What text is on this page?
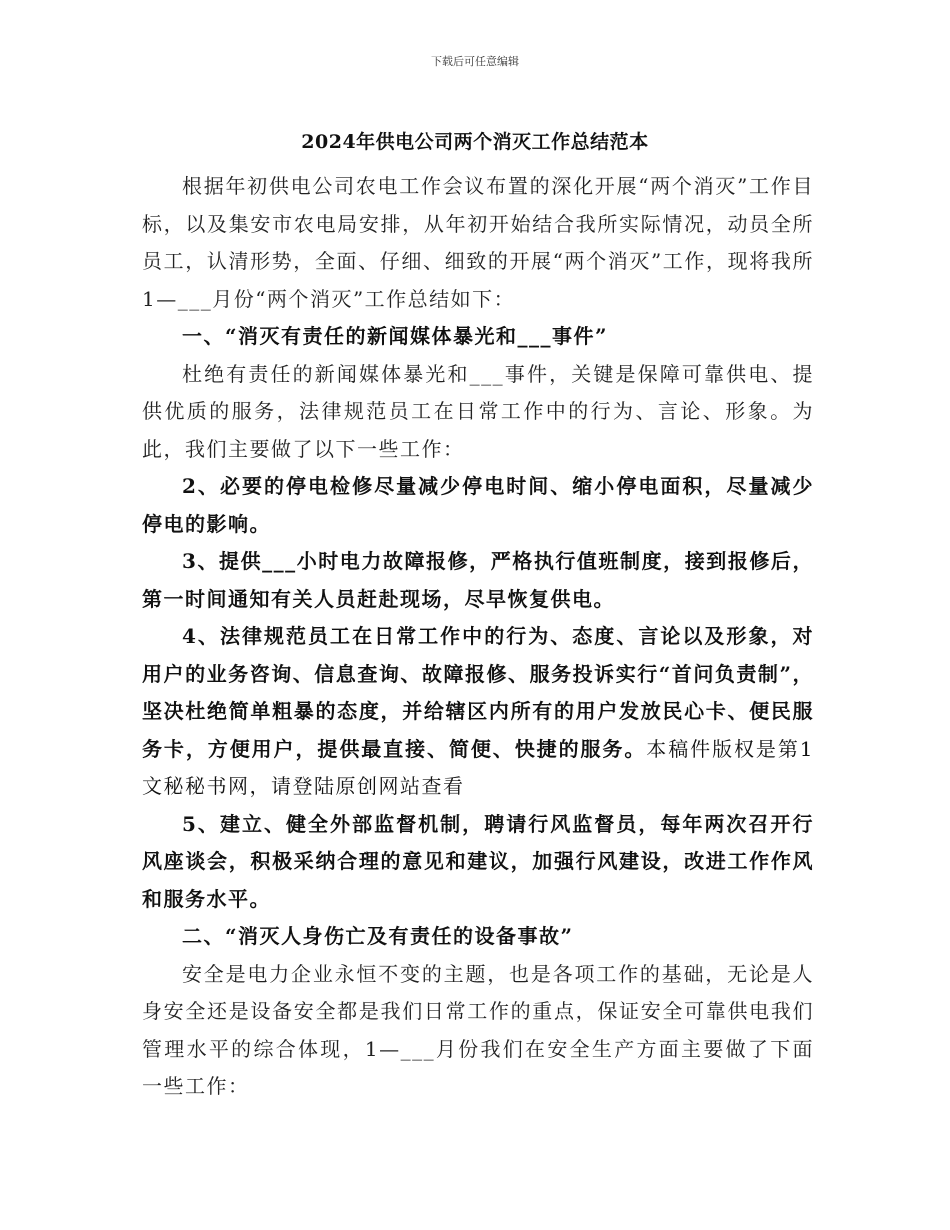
下载后可任意编辑
2024年供电公司两个消灭工作总结范本

根据年初供电公司农电工作会议布置的深化开展“两个消灭”工作目标，以及集安市农电局安排，从年初开始结合我所实际情况，动员全所员工，认清形势，全面、仔细、细致的开展“两个消灭”工作，现将我所1—___月份“两个消灭”工作总结如下：

一、“消灭有责任的新闻媒体暴光和___事件”

杜绝有责任的新闻媒体暴光和___事件，关键是保障可靠供电、提供优质的服务，法律规范员工在日常工作中的行为、言论、形象。为此，我们主要做了以下一些工作：

2、必要的停电检修尽量减少停电时间、缩小停电面积，尽量减少停电的影响。

3、提供___小时电力故障报修，严格执行值班制度，接到报修后，第一时间通知有关人员赶赴现场，尽早恢复供电。

4、法律规范员工在日常工作中的行为、态度、言论以及形象，对用户的业务咨询、信息查询、故障报修、服务投诉实行“首问负责制”，坚决杜绝简单粗暴的态度，并给辖区内所有的用户发放民心卡、便民服务卡，方便用户，提供最直接、简便、快捷的服务。本稿件版权是第1文秘秘书网，请登陆原创网站查看

5、建立、健全外部监督机制，聘请行风监督员，每年两次召开行风座谈会，积极采纳合理的意见和建议，加强行风建设，改进工作作风和服务水平。

二、“消灭人身伤亡及有责任的设备事故”

安全是电力企业永恒不变的主题，也是各项工作的基础，无论是人身安全还是设备安全都是我们日常工作的重点，保证安全可靠供电我们管理水平的综合体现，1—___月份我们在安全生产方面主要做了下面一些工作：
